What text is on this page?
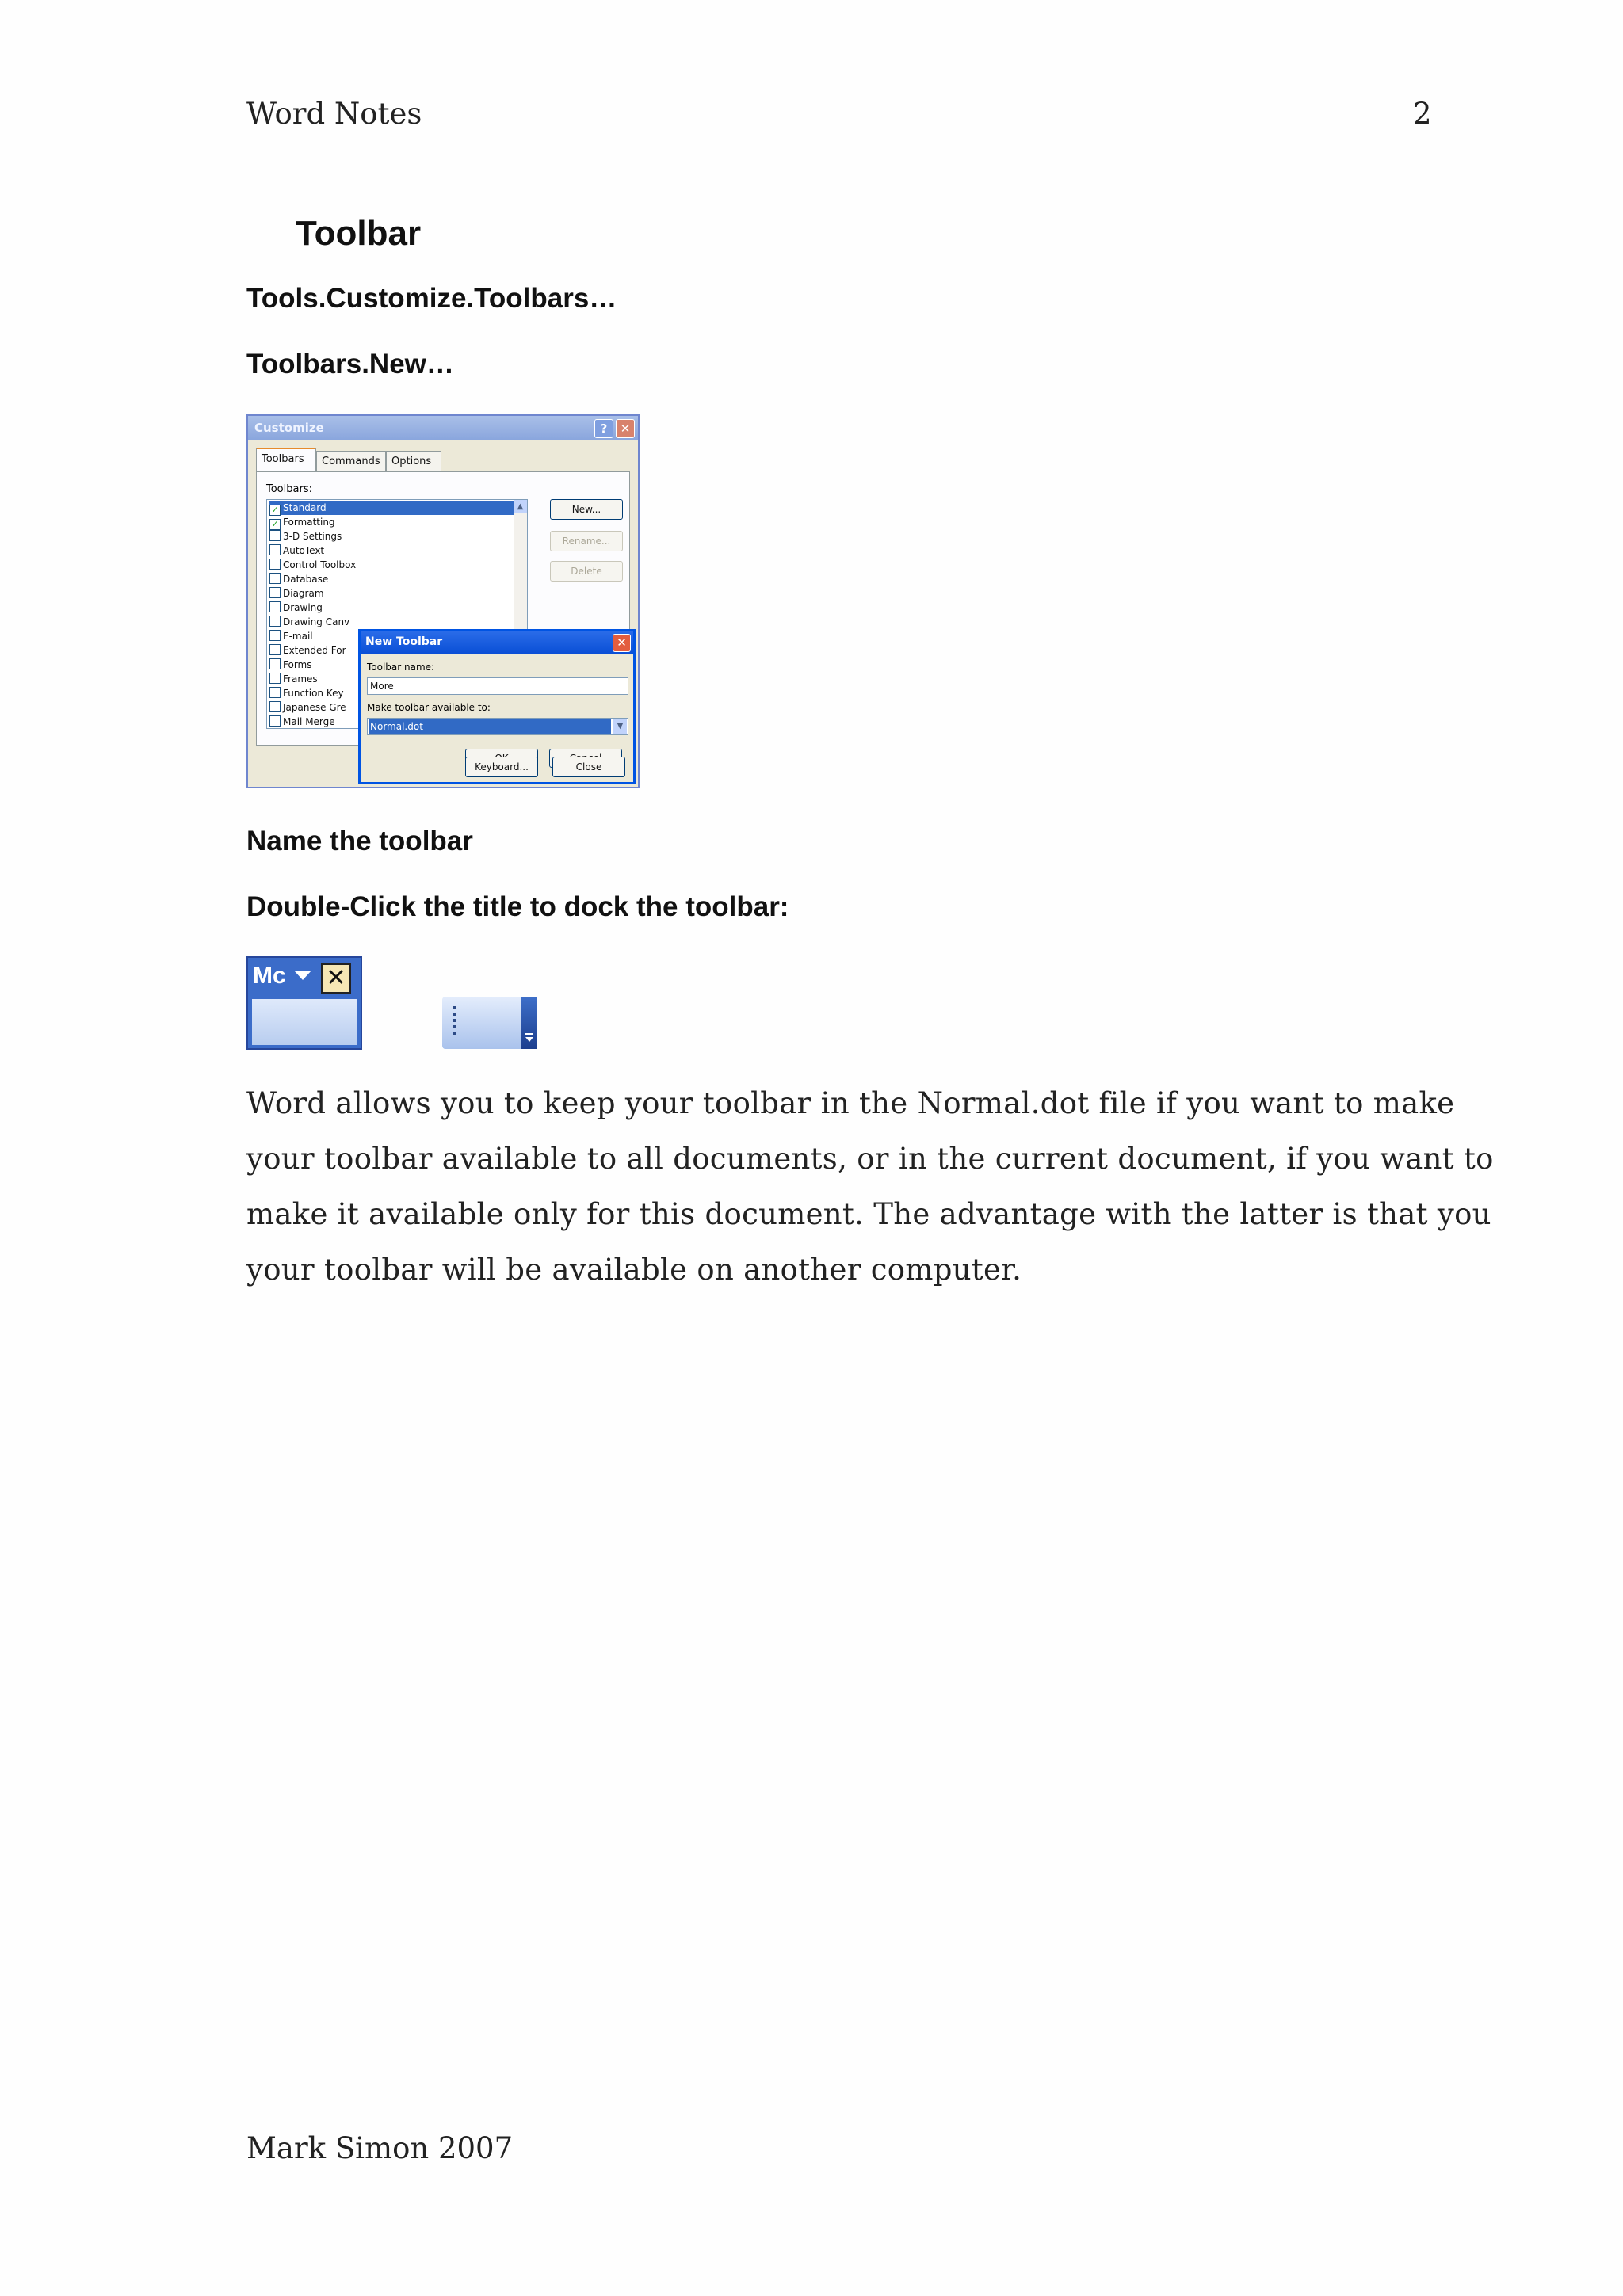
Word Notes	2
Toolbar
Tools.Customize.Toolbars…
Toolbars.New…
Customize	?	✕
Toolbars	Commands	Options
Toolbars:
✓ Standard
✓ Formatting
3-D Settings
AutoText
Control Toolbox
Database
Diagram
Drawing
Drawing Canv
E-mail
Extended For
Forms
Frames
Function Key
Japanese Gre
Mail Merge
▲	New...
Rename...
Delete
New Toolbar	✕
Toolbar name:
More
Make toolbar available to:
Normal.dot	▼
Keyboard...	Close
Name the toolbar
Double-Click the title to dock the toolbar:
Mc ✕
Word allows you to keep your toolbar in the Normal.dot file if you want to make your toolbar available to all documents, or in the current document, if you want to make it available only for this document. The advantage with the latter is that you your toolbar will be available on another computer.
Mark Simon 2007
